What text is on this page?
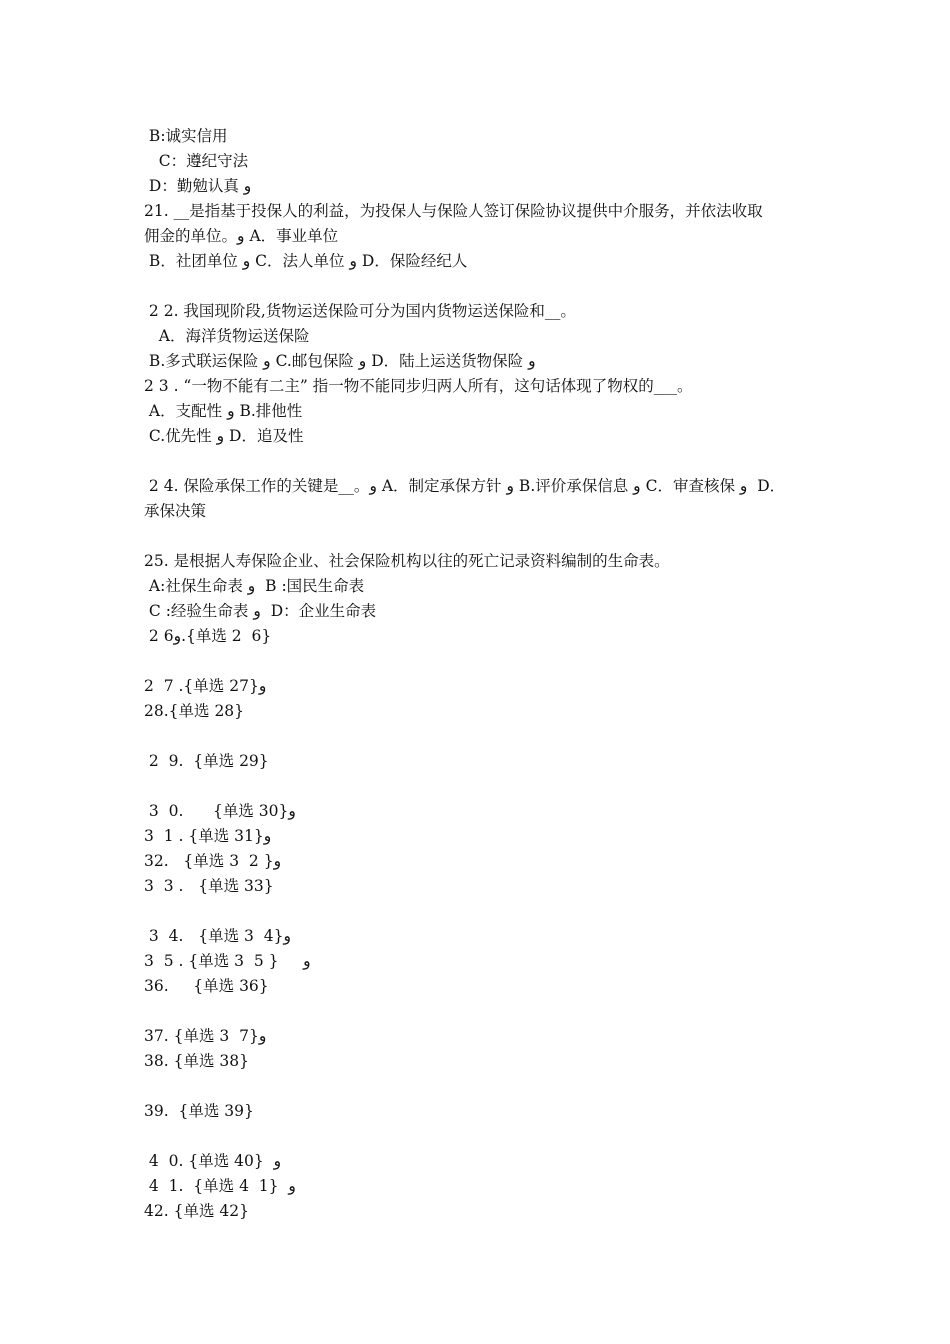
B:诚实信用
C：遵纪守法
D：勤勉认真 و
21. __是指基于投保人的利益，为投保人与保险人签订保险协议提供中介服务，并依法收取
佣金的单位。و A．事业单位
B．社团单位 و C．法人单位 و D．保险经纪人
2 2. 我国现阶段,货物运送保险可分为国内货物运送保险和__。
A．海洋货物运送保险
B.多式联运保险 و C.邮包保险 و D．陆上运送货物保险 و
2 3 . “一物不能有二主” 指一物不能同步归两人所有，这句话体现了物权的___。
A．支配性 و B.排他性
C.优先性 و D．追及性
2 4. 保险承保工作的关键是__。و A．制定承保方针 و B.评价承保信息 و C．审查核保 و  D．
承保决策
25. 是根据人寿保险企业、社会保险机构以往的死亡记录资料编制的生命表。
A:社保生命表 و  B :国民生命表
C :经验生命表 و  D：企业生命表
2 6و.{单选 2  6}
2  7 .{单选 27}و
28.{单选 28}
2  9.  {单选 29}
3  0.      {单选 30}و
3  1 . {单选 31}و
32.   {单选 3  2 }و
3  3 .   {单选 33}
3  4.   {单选 3  4}و
3  5 . {单选 3  5 }     و
36.     {单选 36}
37. {单选 3  7}و
38. {单选 38}
39.  {单选 39}
4  0. {单选 40}  و
4  1.  {单选 4  1}  و
42. {单选 42}
